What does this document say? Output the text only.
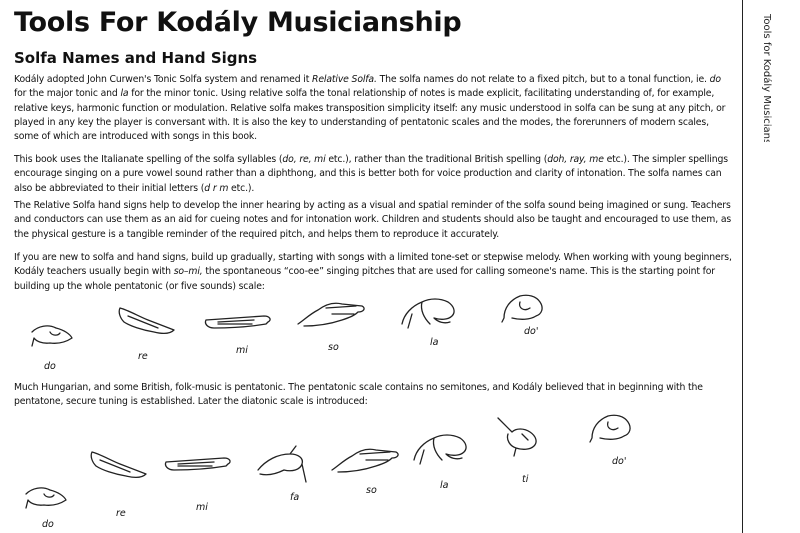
Tools For Kodály Musicianship
Solfa Names and Hand Signs

Kodály adopted John Curwen's Tonic Solfa system and renamed it Relative Solfa. The solfa names do not relate to a fixed pitch, but to a tonal function, ie. do for the major tonic and la for the minor tonic. Using relative solfa the tonal relationship of notes is made explicit, facilitating understanding of, for example, relative keys, harmonic function or modulation. Relative solfa makes transposition simplicity itself: any music understood in solfa can be sung at any pitch, or played in any key the player is conversant with. It is also the key to understanding of pentatonic scales and the modes, the forerunners of modern scales, some of which are introduced with songs in this book.

This book uses the Italianate spelling of the solfa syllables (do, re, mi etc.), rather than the traditional British spelling (doh, ray, me etc.). The simpler spellings encourage singing on a pure vowel sound rather than a diphthong, and this is better both for voice production and clarity of intonation. The solfa names can also be abbreviated to their initial letters (d r m etc.).

The Relative Solfa hand signs help to develop the inner hearing by acting as a visual and spatial reminder of the solfa sound being imagined or sung. Teachers and conductors can use them as an aid for cueing notes and for intonation work. Children and students should also be taught and encouraged to use them, as the physical gesture is a tangible reminder of the required pitch, and helps them to reproduce it accurately.

If you are new to solfa and hand signs, build up gradually, starting with songs with a limited tone-set or stepwise melody. When working with young beginners, Kodály teachers usually begin with so–mi, the spontaneous “coo-ee” singing pitches that are used for calling someone's name. This is the starting point for building up the whole pentatonic (or five sounds) scale:

do
re
mi	so	la
do'

Much Hungarian, and some British, folk-music is pentatonic. The pentatonic scale contains no semitones, and Kodály believed that in beginning with the pentatone, secure tuning is established. Later the diatonic scale is introduced:

do
re
mi
fa
so	la
ti
do'
Tools for Kodály Musicianship
